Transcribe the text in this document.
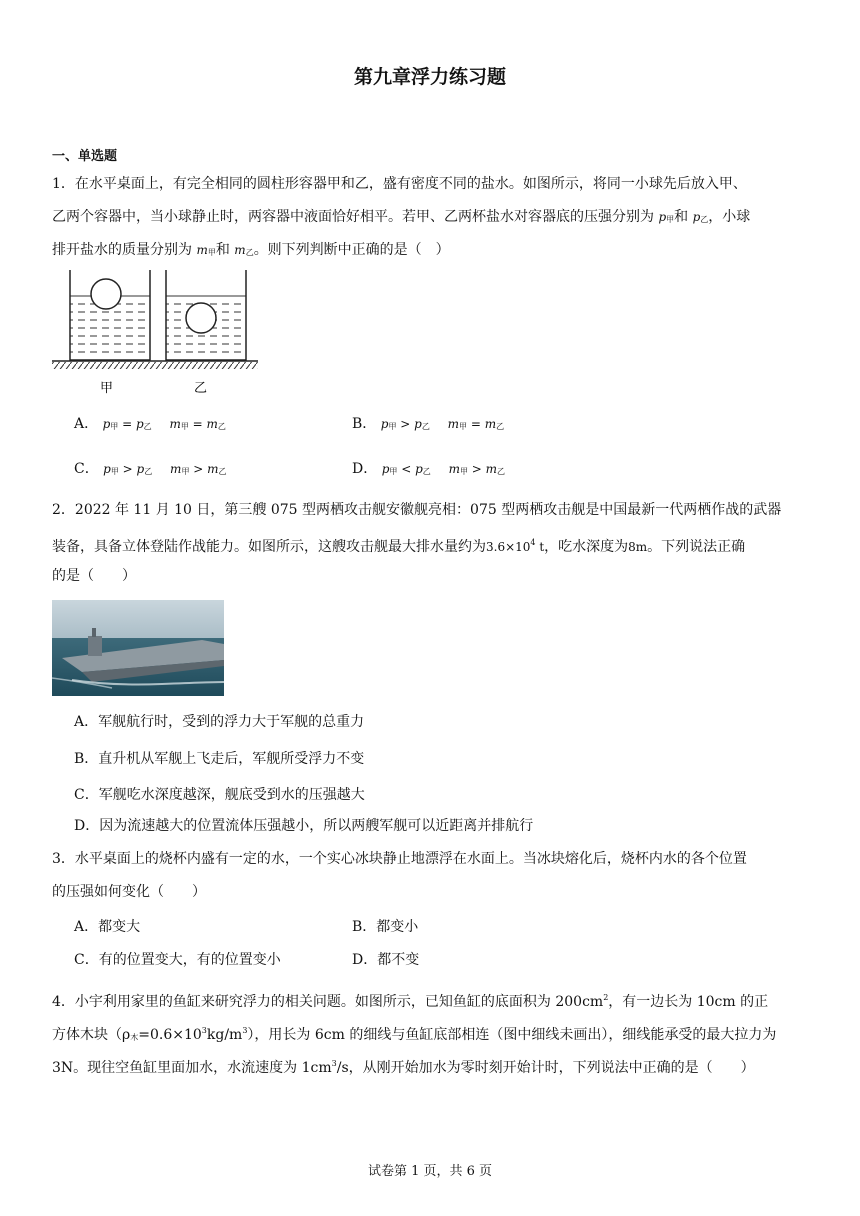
第九章浮力练习题
一、单选题
1．在水平桌面上，有完全相同的圆柱形容器甲和乙，盛有密度不同的盐水。如图所示，将同一小球先后放入甲、
乙两个容器中，当小球静止时，两容器中液面恰好相平。若甲、乙两杯盐水对容器底的压强分别为 p甲和 p乙，小球
排开盐水的质量分别为 m甲和 m乙。则下列判断中正确的是（　）
甲	乙
A． p甲 = p乙 m甲 = m乙	B． p甲 > p乙 m甲 = m乙
C． p甲 > p乙 m甲 > m乙	D． p甲 < p乙 m甲 > m乙
2．2022 年 11 月 10 日，第三艘 075 型两栖攻击舰安徽舰亮相：075 型两栖攻击舰是中国最新一代两栖作战的武器
装备，具备立体登陆作战能力。如图所示，这艘攻击舰最大排水量约为$3.6\times 10^4$ t，吃水深度为8m。下列说法正确
的是（　　）
A．军舰航行时，受到的浮力大于军舰的总重力
B．直升机从军舰上飞走后，军舰所受浮力不变
C．军舰吃水深度越深，舰底受到水的压强越大
D．因为流速越大的位置流体压强越小，所以两艘军舰可以近距离并排航行
3．水平桌面上的烧杯内盛有一定的水，一个实心冰块静止地漂浮在水面上。当冰块熔化后，烧杯内水的各个位置
的压强如何变化（　　）
A．都变大	B．都变小
C．有的位置变大，有的位置变小	D．都不变
4．小宇利用家里的鱼缸来研究浮力的相关问题。如图所示，已知鱼缸的底面积为 $200cm^2$，有一边长为 10cm 的正
方体木块（ρ木$=0.6\times 10^3kg/m^3$），用长为 6cm 的细线与鱼缸底部相连（图中细线未画出），细线能承受的最大拉力为
3N。现往空鱼缸里面加水，水流速度为 $1cm^3/s$，从刚开始加水为零时刻开始计时，下列说法中正确的是（　　）
试卷第 1 页，共 6 页
